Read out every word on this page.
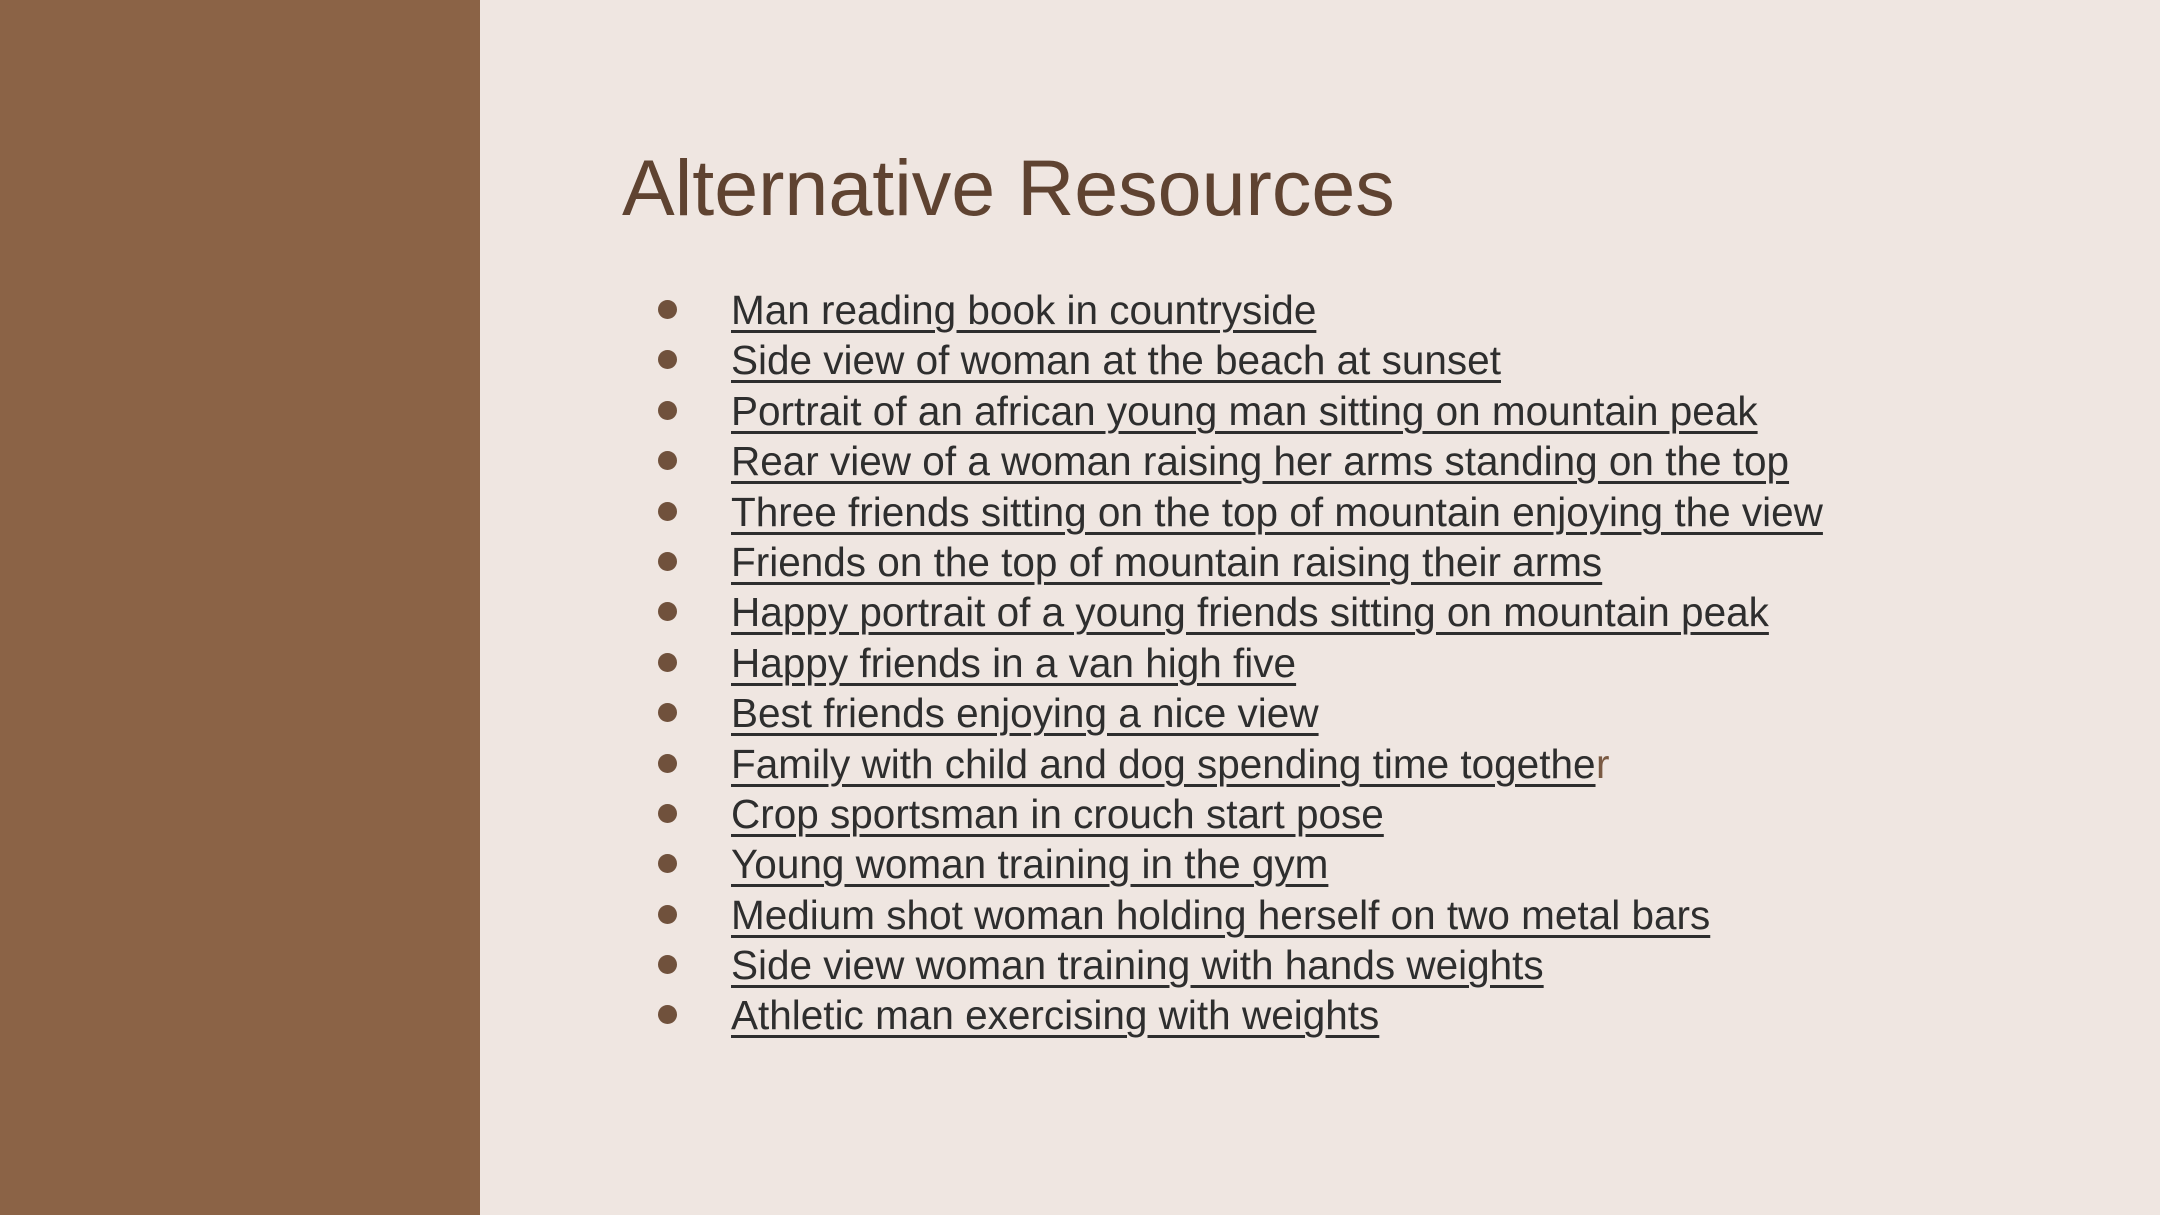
Alternative Resources
Man reading book in countryside
Side view of woman at the beach at sunset
Portrait of an african young man sitting on mountain peak
Rear view of a woman raising her arms standing on the top
Three friends sitting on the top of mountain enjoying the view
Friends on the top of mountain raising their arms
Happy portrait of a young friends sitting on mountain peak
Happy friends in a van high five
Best friends enjoying a nice view
Family with child and dog spending time togethe r
Crop sportsman in crouch start pose
Young woman training in the gym
Medium shot woman holding herself on two metal bars
Side view woman training with hands weights
Athletic man exercising with weights
